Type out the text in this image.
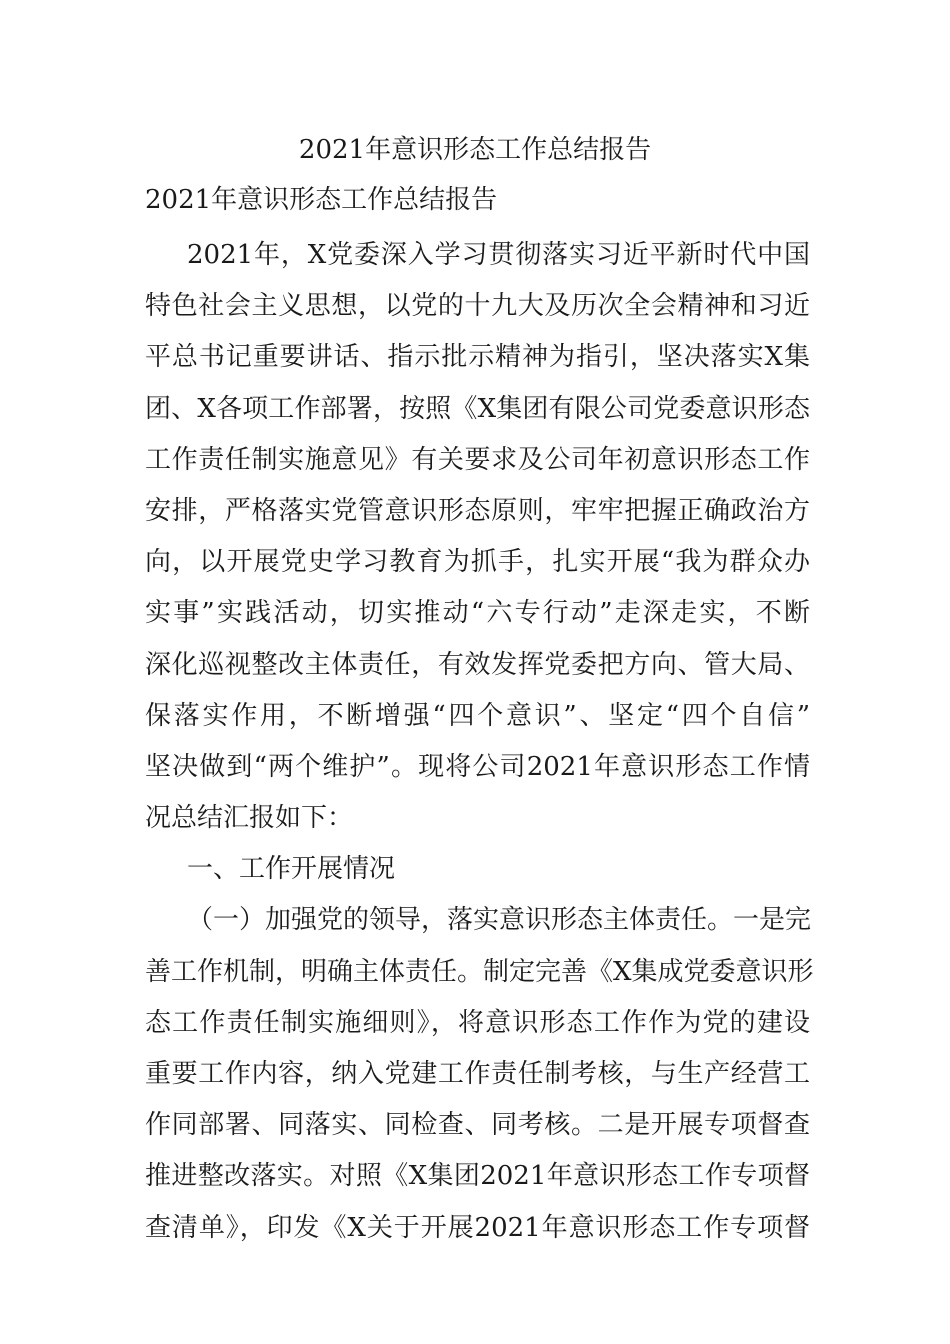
2021年意识形态工作总结报告
2021年意识形态工作总结报告
2021年，X党委深入学习贯彻落实习近平新时代中国
特色社会主义思想，以党的十九大及历次全会精神和习近
平总书记重要讲话、指示批示精神为指引，坚决落实X集
团、X各项工作部署，按照《X集团有限公司党委意识形态
工作责任制实施意见》有关要求及公司年初意识形态工作
安排，严格落实党管意识形态原则，牢牢把握正确政治方
向，以开展党史学习教育为抓手，扎实开展“我为群众办
实事”实践活动，切实推动“六专行动”走深走实，不断
深化巡视整改主体责任，有效发挥党委把方向、管大局、
保落实作用，不断增强“四个意识”、坚定“四个自信”
坚决做到“两个维护”。现将公司2021年意识形态工作情
况总结汇报如下：
一、工作开展情况
（一）加强党的领导，落实意识形态主体责任。一是完
善工作机制，明确主体责任。制定完善《X集成党委意识形
态工作责任制实施细则》，将意识形态工作作为党的建设
重要工作内容，纳入党建工作责任制考核，与生产经营工
作同部署、同落实、同检查、同考核。二是开展专项督查
推进整改落实。对照《X集团2021年意识形态工作专项督
查清单》，印发《X关于开展2021年意识形态工作专项督
